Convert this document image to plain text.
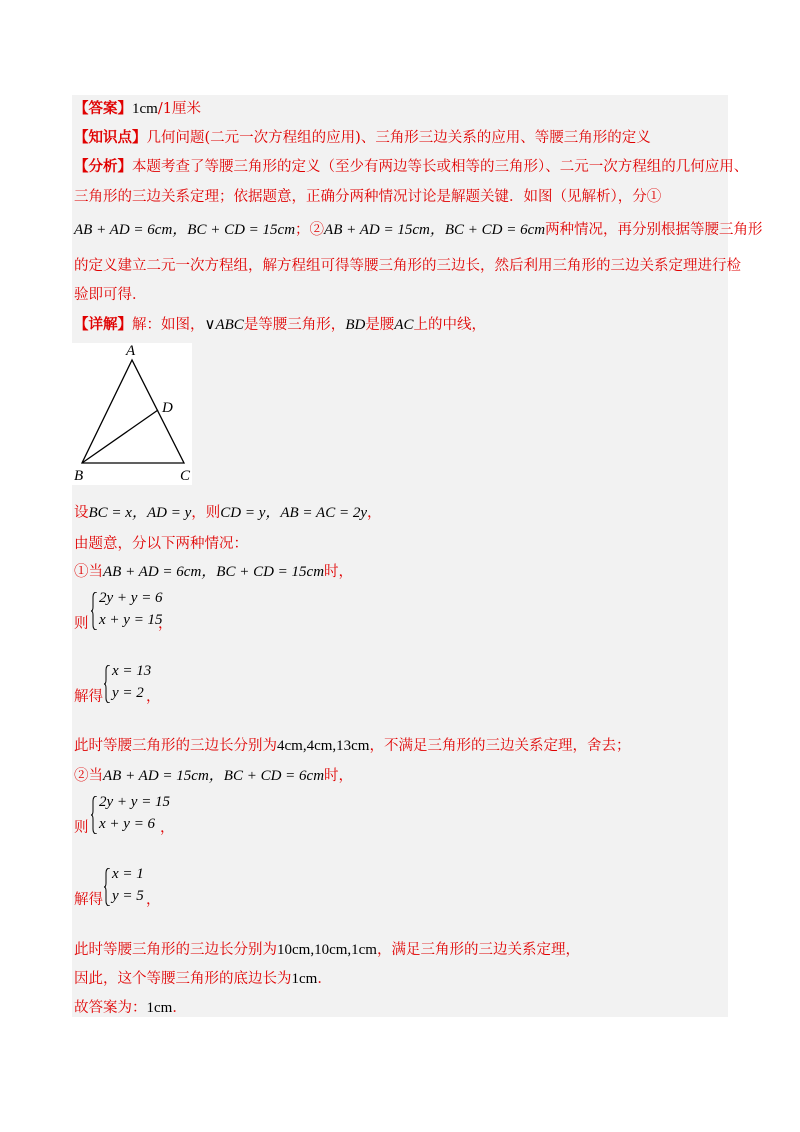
【答案】1cm/1厘米
【知识点】几何问题(二元一次方程组的应用)、三角形三边关系的应用、等腰三角形的定义
【分析】本题考查了等腰三角形的定义（至少有两边等长或相等的三角形）、二元一次方程组的几何应用、
三角形的三边关系定理；依据题意，正确分两种情况讨论是解题关键．如图（见解析），分①
AB + AD = 6cm，BC + CD = 15cm；②AB + AD = 15cm，BC + CD = 6cm两种情况，再分别根据等腰三角形
的定义建立二元一次方程组，解方程组可得等腰三角形的三边长，然后利用三角形的三边关系定理进行检
验即可得．
【详解】解：如图，∨ABC是等腰三角形，BD是腰AC上的中线，
A
B	C
D
设BC = x，AD = y，则CD = y，AB = AC = 2y，
由题意，分以下两种情况：
①当AB + AD = 6cm，BC + CD = 15cm时，
则
2y + y = 6
x + y = 15
，
解得
x = 13
y = 2 ，
此时等腰三角形的三边长分别为4cm,4cm,13cm，不满足三角形的三边关系定理，舍去；
②当AB + AD = 15cm，BC + CD = 6cm时，
则
2y + y = 15
x + y = 6 ，
解得
x = 1
y = 5 ，
此时等腰三角形的三边长分别为10cm,10cm,1cm，满足三角形的三边关系定理，
因此，这个等腰三角形的底边长为1cm．
故答案为：1cm．
